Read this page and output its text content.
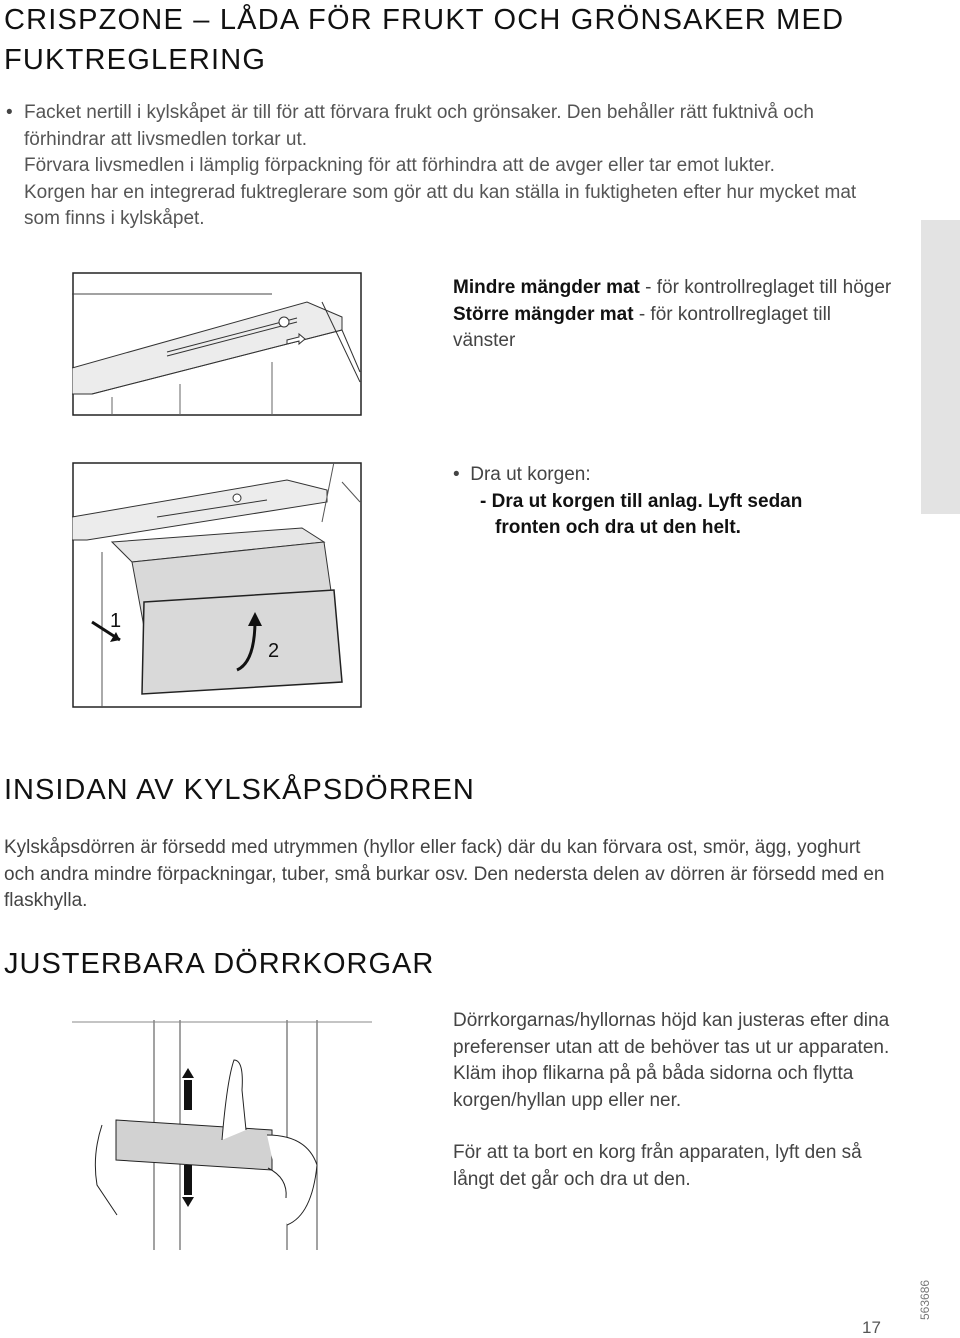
CRISPZONE – LÅDA FÖR FRUKT OCH GRÖNSAKER MED FUKTREGLERING
• Facket nertill i kylskåpet är till för att förvara frukt och grönsaker. Den behåller rätt fuktnivå och förhindrar att livsmedlen torkar ut.
Förvara livsmedlen i lämplig förpackning för att förhindra att de avger eller tar emot lukter.
Korgen har en integrerad fuktreglerare som gör att du kan ställa in fuktigheten efter hur mycket mat som finns i kylskåpet.
Mindre mängder mat - för kontrollreglaget till höger
Större mängder mat - för kontrollreglaget till vänster
1
2
• Dra ut korgen:
- Dra ut korgen till anlag. Lyft sedan
fronten och dra ut den helt.
INSIDAN AV KYLSKÅPSDÖRREN
Kylskåpsdörren är försedd med utrymmen (hyllor eller fack) där du kan förvara ost, smör, ägg, yoghurt och andra mindre förpackningar, tuber, små burkar osv. Den nedersta delen av dörren är försedd med en flaskhylla.
JUSTERBARA DÖRRKORGAR
Dörrkorgarnas/hyllornas höjd kan justeras efter dina preferenser utan att de behöver tas ut ur apparaten.
Kläm ihop flikarna på på båda sidorna och flytta korgen/hyllan upp eller ner.
För att ta bort en korg från apparaten, lyft den så långt det går och dra ut den.
17
563686
